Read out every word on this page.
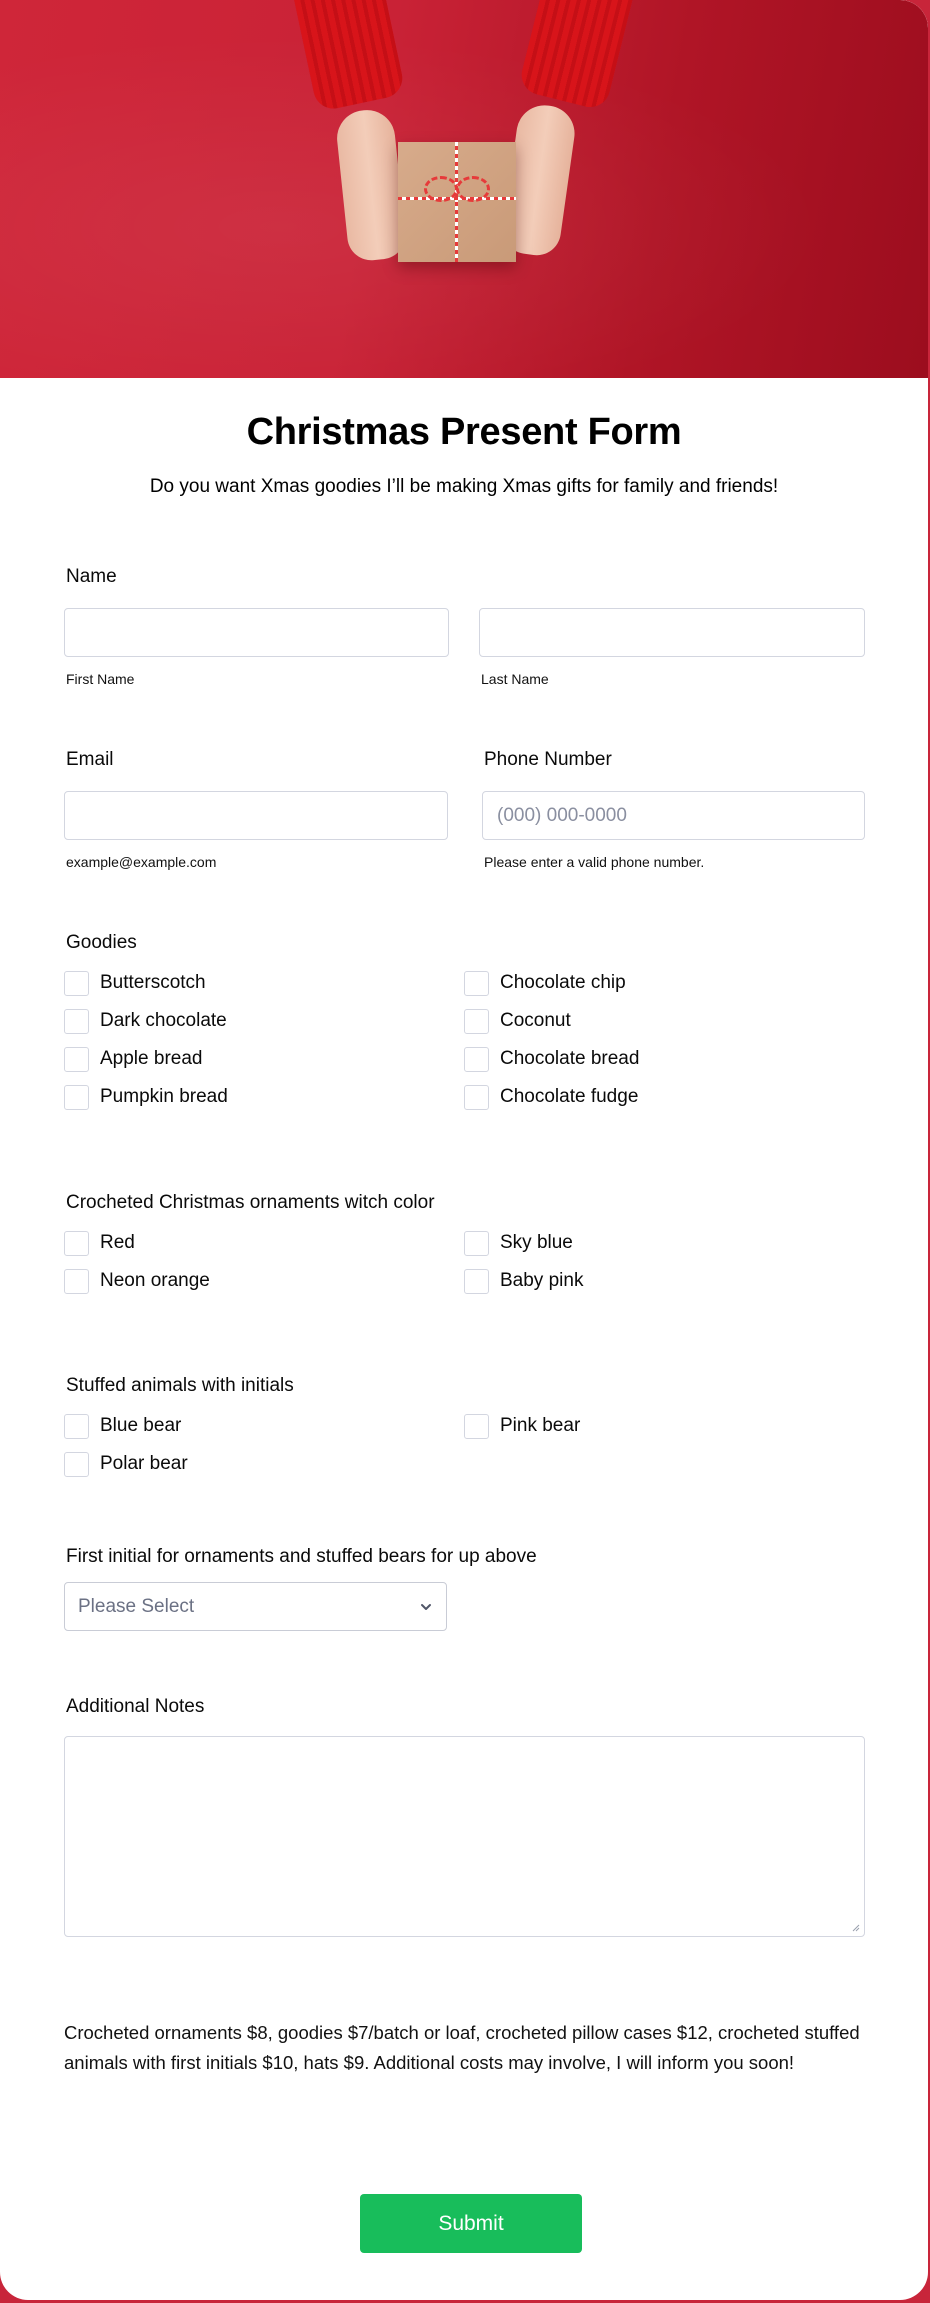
Christmas Present Form

Do you want Xmas goodies I’ll be making Xmas gifts for family and friends!

Name
First Name	Last Name
Email
example@example.com
Phone Number
(000) 000-0000
Please enter a valid phone number.
Goodies
Butterscotch	Chocolate chip
Dark chocolate	Coconut
Apple bread	Chocolate bread
Pumpkin bread	Chocolate fudge
Crocheted Christmas ornaments witch color
Red	Sky blue
Neon orange	Baby pink
Stuffed animals with initials
Blue bear	Pink bear
Polar bear
First initial for ornaments and stuffed bears for up above
Please Select
Additional Notes

Crocheted ornaments $8, goodies $7/batch or loaf, crocheted pillow cases $12, crocheted stuffed animals with first initials $10, hats $9. Additional costs may involve, I will inform you soon!

Submit
